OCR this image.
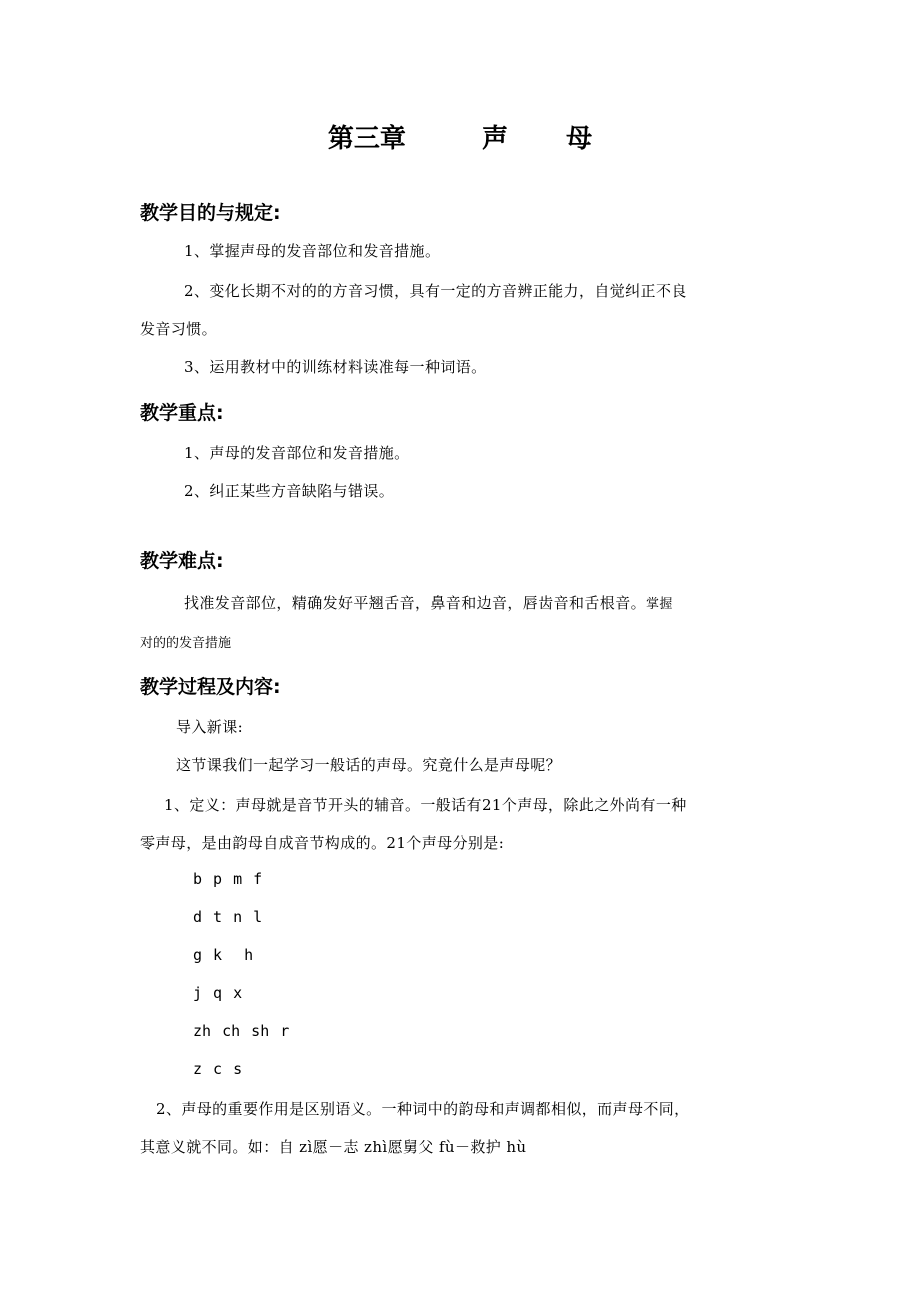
第三章	声 母
教学目的与规定:
1、掌握声母的发音部位和发音措施。
2、变化长期不对的的方音习惯，具有一定的方音辨正能力，自觉纠正不良
发音习惯。
3、运用教材中的训练材料读准每一种词语。
教学重点:
1、声母的发音部位和发音措施。
2、纠正某些方音缺陷与错误。
教学难点:
找准发音部位，精确发好平翘舌音，鼻音和边音，唇齿音和舌根音。掌握
对的的发音措施
教学过程及内容:
导入新课:
这节课我们一起学习一般话的声母。究竟什么是声母呢？
1、定义：声母就是音节开头的辅音。一般话有21个声母，除此之外尚有一种
零声母，是由韵母自成音节构成的。21个声母分别是:
b p m f
d t n l
g k  h
j q x
zh ch sh r
z c s
2、声母的重要作用是区别语义。一种词中的韵母和声调都相似，而声母不同，
其意义就不同。如：自 zì愿－志 zhì愿舅父 fù－救护 hù
